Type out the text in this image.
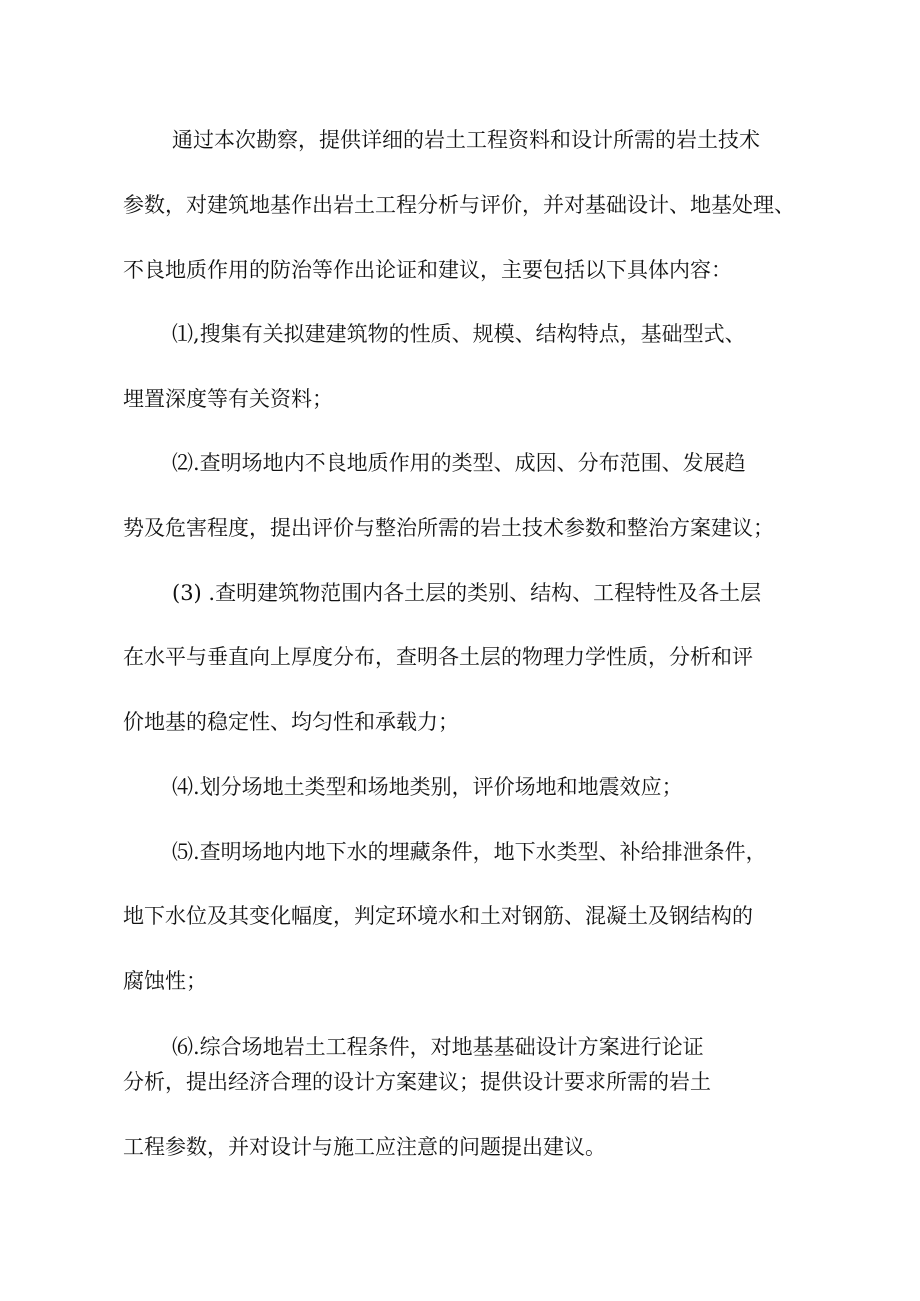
通过本次勘察，提供详细的岩土工程资料和设计所需的岩土技术
参数，对建筑地基作出岩土工程分析与评价，并对基础设计、地基处理、
不良地质作用的防治等作出论证和建议，主要包括以下具体内容：
⑴,搜集有关拟建建筑物的性质、规模、结构特点，基础型式、
埋置深度等有关资料；
⑵.查明场地内不良地质作用的类型、成因、分布范围、发展趋
势及危害程度，提出评价与整治所需的岩土技术参数和整治方案建议；
(3) .查明建筑物范围内各土层的类别、结构、工程特性及各土层
在水平与垂直向上厚度分布，查明各土层的物理力学性质，分析和评
价地基的稳定性、均匀性和承载力；
⑷.划分场地土类型和场地类别，评价场地和地震效应；
⑸.查明场地内地下水的埋藏条件，地下水类型、补给排泄条件，
地下水位及其变化幅度，判定环境水和土对钢筋、混凝土及钢结构的
腐蚀性；
⑹.综合场地岩土工程条件，对地基基础设计方案进行论证
分析，提出经济合理的设计方案建议；提供设计要求所需的岩土
工程参数，并对设计与施工应注意的问题提出建议。
